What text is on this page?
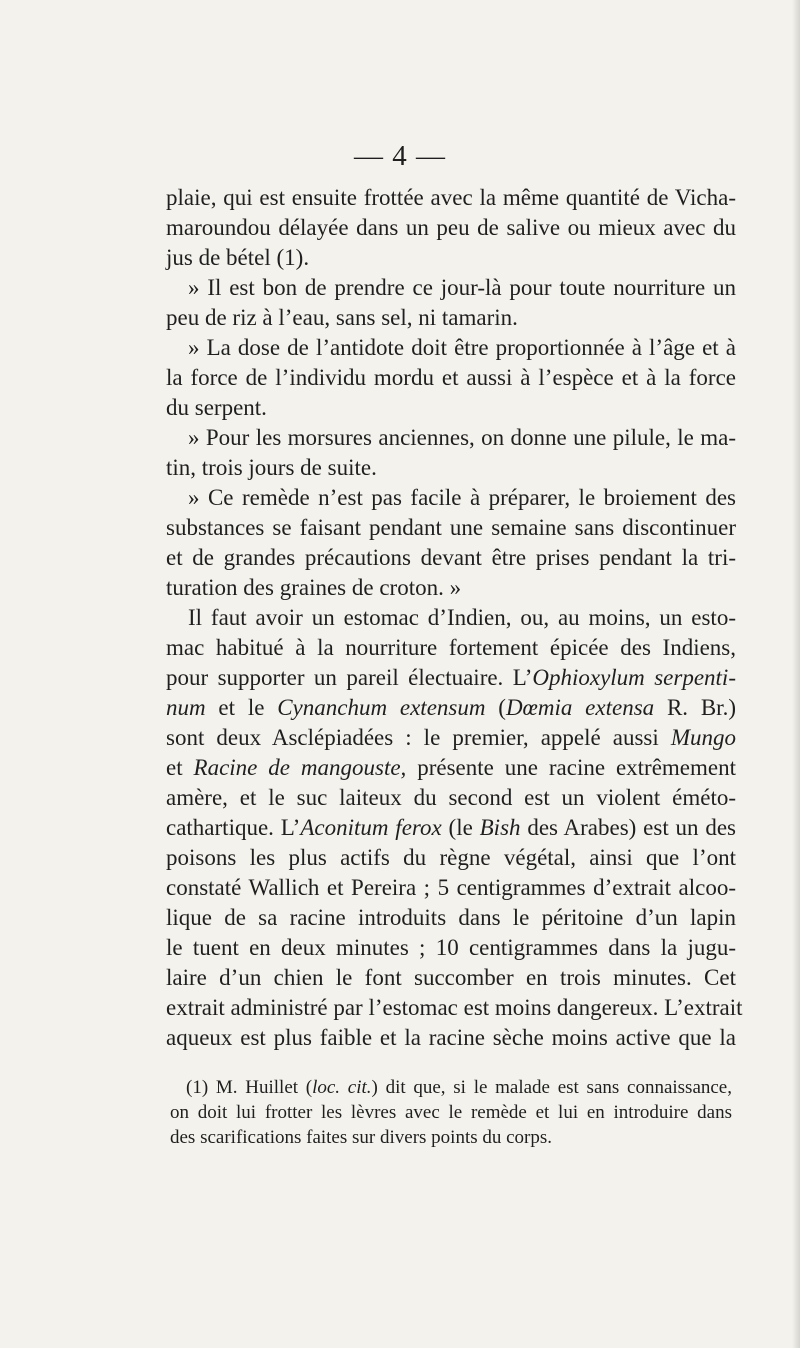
— 4 —
plaie, qui est ensuite frottée avec la même quantité de Vicha-
maroundou délayée dans un peu de salive ou mieux avec du
jus de bétel (1).
» Il est bon de prendre ce jour-là pour toute nourriture un
peu de riz à l’eau, sans sel, ni tamarin.
» La dose de l’antidote doit être proportionnée à l’âge et à
la force de l’individu mordu et aussi à l’espèce et à la force
du serpent.
» Pour les morsures anciennes, on donne une pilule, le ma-
tin, trois jours de suite.
» Ce remède n’est pas facile à préparer, le broiement des
substances se faisant pendant une semaine sans discontinuer
et de grandes précautions devant être prises pendant la tri-
turation des graines de croton. »
Il faut avoir un estomac d’Indien, ou, au moins, un esto-
mac habitué à la nourriture fortement épicée des Indiens,
pour supporter un pareil électuaire. L’Ophioxylum serpenti-
num et le Cynanchum extensum (Dœmia extensa R. Br.)
sont deux Asclépiadées : le premier, appelé aussi Mungo
et Racine de mangouste, présente une racine extrêmement
amère, et le suc laiteux du second est un violent éméto-
cathartique. L’Aconitum ferox (le Bish des Arabes) est un des
poisons les plus actifs du règne végétal, ainsi que l’ont
constaté Wallich et Pereira ; 5 centigrammes d’extrait alcoo-
lique de sa racine introduits dans le péritoine d’un lapin
le tuent en deux minutes ; 10 centigrammes dans la jugu-
laire d’un chien le font succomber en trois minutes. Cet
extrait administré par l’estomac est moins dangereux. L’extrait
aqueux est plus faible et la racine sèche moins active que la
(1) M. Huillet (loc. cit.) dit que, si le malade est sans connaissance,
on doit lui frotter les lèvres avec le remède et lui en introduire dans
des scarifications faites sur divers points du corps.
